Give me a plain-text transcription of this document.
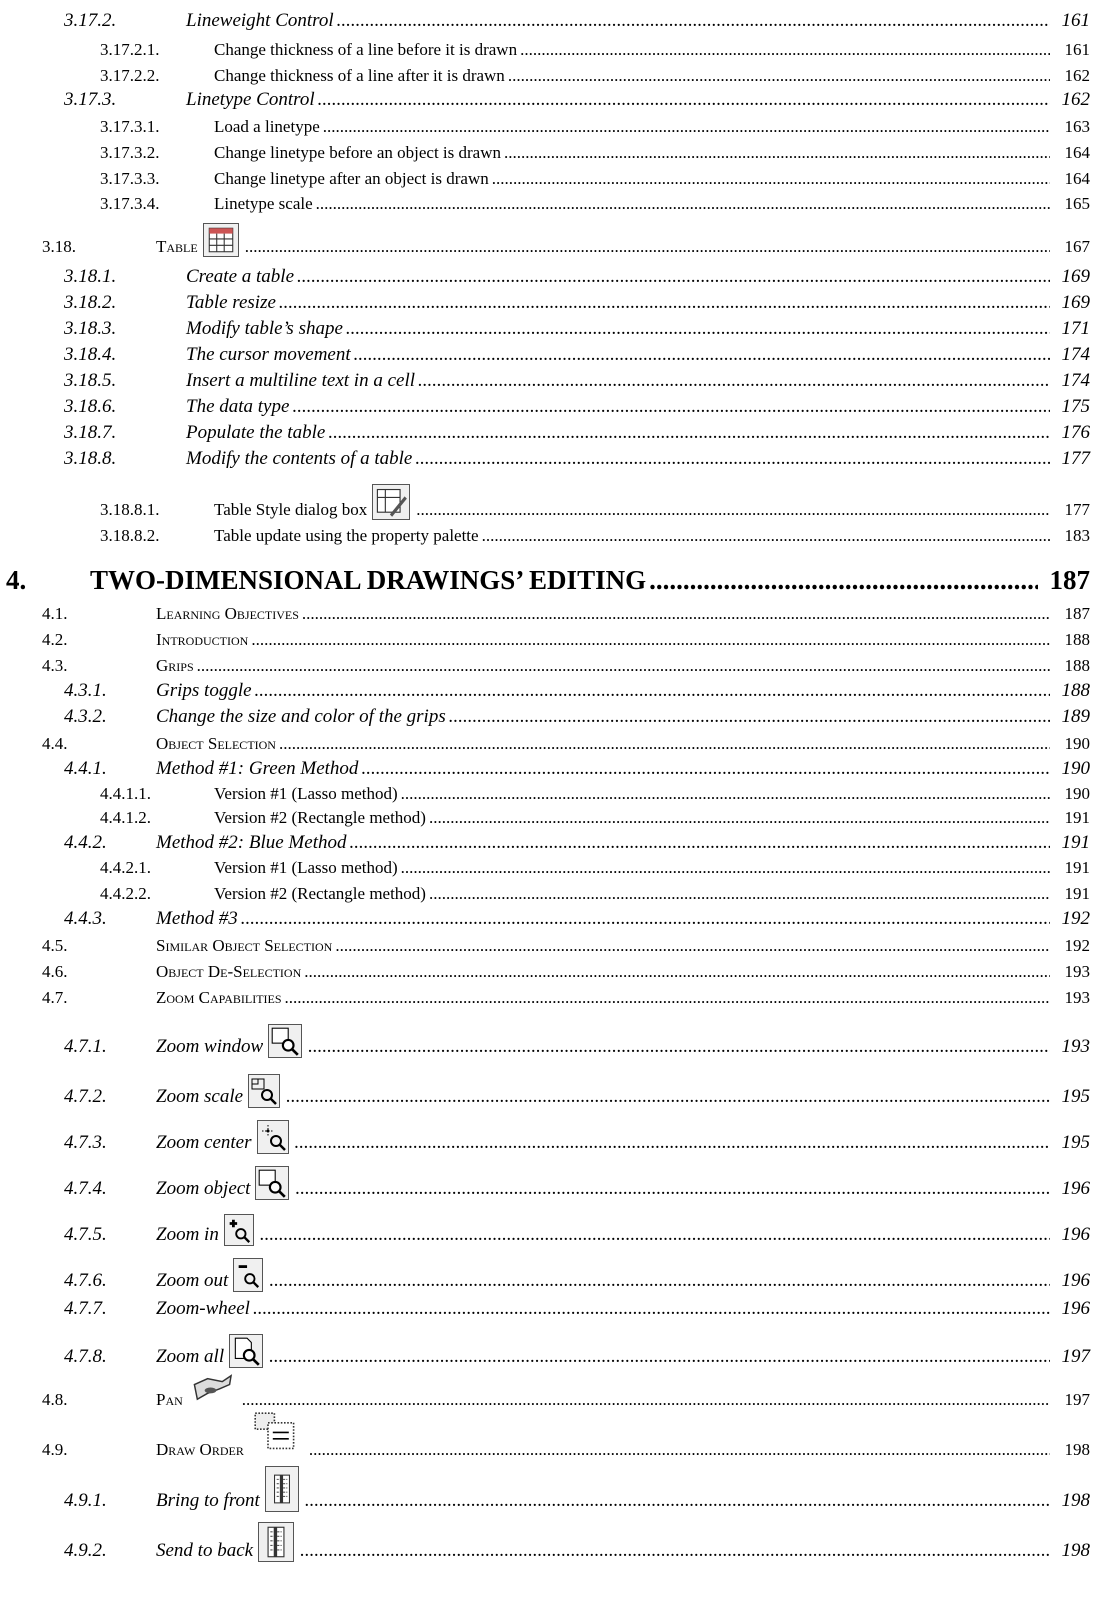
3.17.2.	Lineweight Control .....	161
3.17.2.1.	Change thickness of a line before it is drawn .....	161
3.17.2.2.	Change thickness of a line after it is drawn .....	162
3.17.3.	Linetype Control .....	162
3.17.3.1.	Load a linetype .....	163
3.17.3.2.	Change linetype before an object is drawn .....	164
3.17.3.3.	Change linetype after an object is drawn .....	164
3.17.3.4.	Linetype scale .....	165
3.18.	Table .....	167
3.18.1.	Create a table .....	169
3.18.2.	Table resize .....	169
3.18.3.	Modify table’s shape .....	171
3.18.4.	The cursor movement .....	174
3.18.5.	Insert a multiline text in a cell .....	174
3.18.6.	The data type .....	175
3.18.7.	Populate the table .....	176
3.18.8.	Modify the contents of a table .....	177
3.18.8.1.	Table Style dialog box .....	177
3.18.8.2.	Table update using the property palette .....	183
4. TWO-DIMENSIONAL DRAWINGS’ EDITING .....	187
4.1.	Learning Objectives .....	187
4.2.	Introduction .....	188
4.3.	Grips .....	188
4.3.1.	Grips toggle .....	188
4.3.2.	Change the size and color of the grips .....	189
4.4.	Object Selection .....	190
4.4.1.	Method #1: Green Method .....	190
4.4.1.1.	Version #1 (Lasso method) .....	190
4.4.1.2.	Version #2 (Rectangle method) .....	191
4.4.2.	Method #2: Blue Method .....	191
4.4.2.1.	Version #1 (Lasso method) .....	191
4.4.2.2.	Version #2 (Rectangle method) .....	191
4.4.3.	Method #3 .....	192
4.5.	Similar Object Selection .....	192
4.6.	Object De-Selection .....	193
4.7.	Zoom Capabilities .....	193
4.7.1.	Zoom window .....	193
4.7.2.	Zoom scale .....	195
4.7.3.	Zoom center .....	195
4.7.4.	Zoom object .....	196
4.7.5.	Zoom in .....	196
4.7.6.	Zoom out .....	196
4.7.7.	Zoom-wheel .....	196
4.7.8.	Zoom all .....	197
4.8.	Pan .....	197
4.9.	Draw Order .....	198
4.9.1.	Bring to front .....	198
4.9.2.	Send to back .....	198
